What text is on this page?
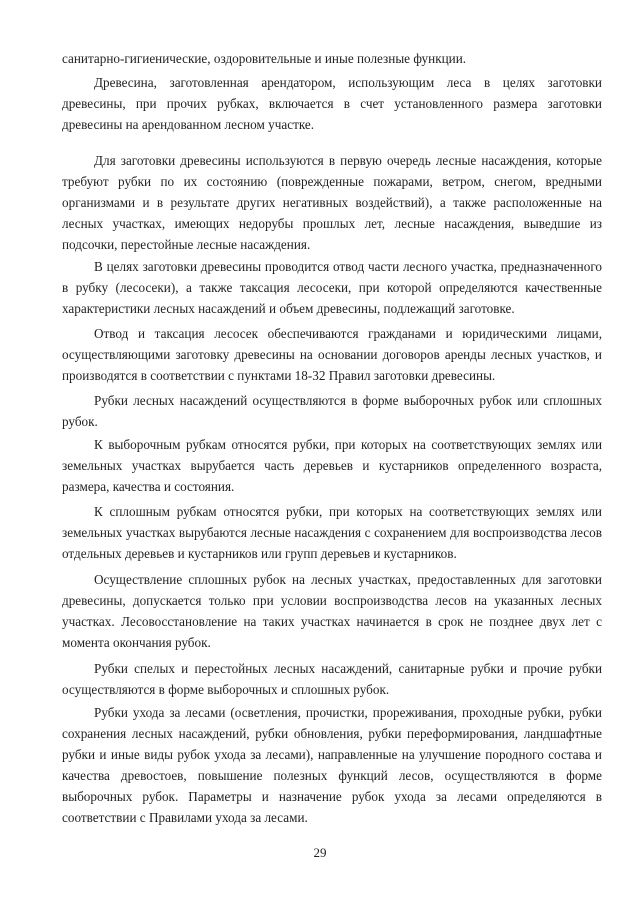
санитарно-гигиенические, оздоровительные и иные полезные функции.

Древесина, заготовленная арендатором, использующим леса в целях заготовки древесины, при прочих рубках, включается в счет установленного размера заготовки древесины на арендованном лесном участке.

Для заготовки древесины используются в первую очередь лесные насаждения, которые требуют рубки по их состоянию (поврежденные пожарами, ветром, снегом, вредными организмами и в результате других негативных воздействий), а также расположенные на лесных участках, имеющих недорубы прошлых лет, лесные насаждения, выведшие из подсочки, перестойные лесные насаждения.

В целях заготовки древесины проводится отвод части лесного участка, предназначенного в рубку (лесосеки), а также таксация лесосеки, при которой определяются качественные характеристики лесных насаждений и объем древесины, подлежащий заготовке.

Отвод и таксация лесосек обеспечиваются гражданами и юридическими лицами, осуществляющими заготовку древесины на основании договоров аренды лесных участков, и производятся в соответствии с пунктами 18-32 Правил заготовки древесины.

Рубки лесных насаждений осуществляются в форме выборочных рубок или сплошных рубок.

К выборочным рубкам относятся рубки, при которых на соответствующих землях или земельных участках вырубается часть деревьев и кустарников определенного возраста, размера, качества и состояния.

К сплошным рубкам относятся рубки, при которых на соответствующих землях или земельных участках вырубаются лесные насаждения с сохранением для воспроизводства лесов отдельных деревьев и кустарников или групп деревьев и кустарников.

Осуществление сплошных рубок на лесных участках, предоставленных для заготовки древесины, допускается только при условии воспроизводства лесов на указанных лесных участках. Лесовосстановление на таких участках начинается в срок не позднее двух лет с момента окончания рубок.

Рубки спелых и перестойных лесных насаждений, санитарные рубки и прочие рубки осуществляются в форме выборочных и сплошных рубок.

Рубки ухода за лесами (осветления, прочистки, прореживания, проходные рубки, рубки сохранения лесных насаждений, рубки обновления, рубки переформирования, ландшафтные рубки и иные виды рубок ухода за лесами), направленные на улучшение породного состава и качества древостоев, повышение полезных функций лесов, осуществляются в форме выборочных рубок. Параметры и назначение рубок ухода за лесами определяются в соответствии с Правилами ухода за лесами.

29
